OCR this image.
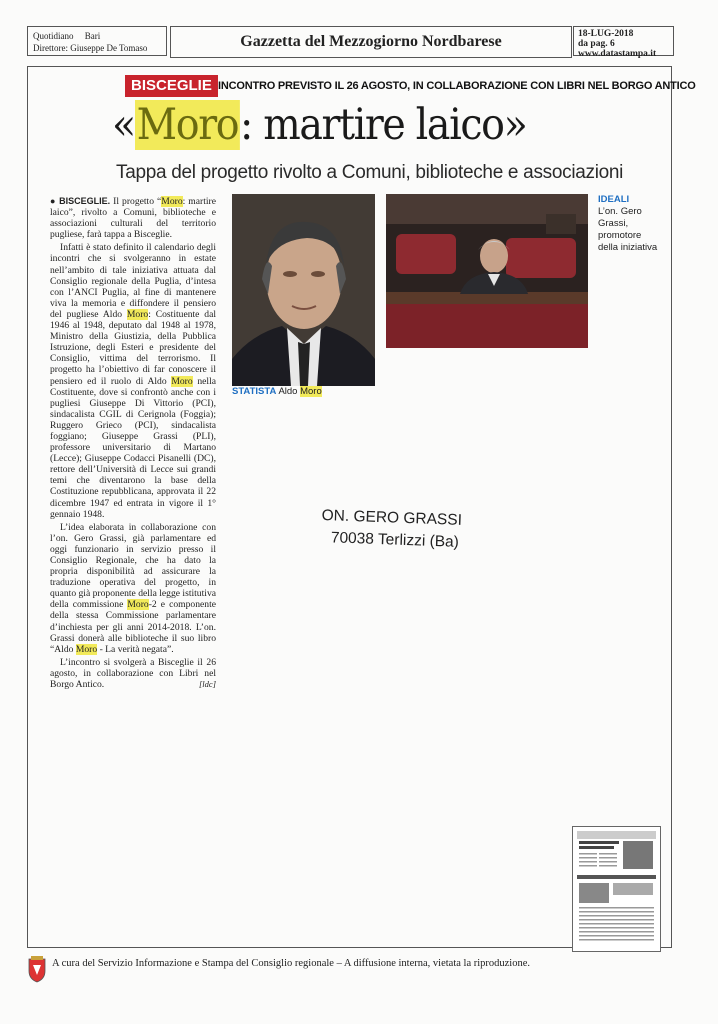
Quotidiano Bari
Direttore: Giuseppe De Tomaso	Gazzetta del Mezzogiorno Nordbarese	18-LUG-2018
da pag. 6
www.datastampa.it
BISCEGLIE INCONTRO PREVISTO IL 26 AGOSTO, IN COLLABORAZIONE CON LIBRI NEL BORGO ANTICO
«Moro: martire laico»
Tappa del progetto rivolto a Comuni, biblioteche e associazioni

● BISCEGLIE. Il progetto “Moro: martire laico”, rivolto a Comuni, biblioteche e associazioni culturali del territorio pugliese, farà tappa a Bisceglie.

Infatti è stato definito il calendario degli incontri che si svolgeranno in estate nell’ambito di tale iniziativa attuata dal Consiglio regionale della Puglia, d’intesa con l’ANCI Puglia, al fine di mantenere viva la memoria e diffondere il pensiero del pugliese Aldo Moro: Costituente dal 1946 al 1948, deputato dal 1948 al 1978, Ministro della Giustizia, della Pubblica Istruzione, degli Esteri e presidente del Consiglio, vittima del terrorismo. Il progetto ha l’obiettivo di far conoscere il pensiero ed il ruolo di Aldo Moro nella Costituente, dove si confrontò anche con i pugliesi Giuseppe Di Vittorio (PCI), sindacalista CGIL di Cerignola (Foggia); Ruggero Grieco (PCI), sindacalista foggiano; Giuseppe Grassi (PLI), professore universitario di Martano (Lecce); Giuseppe Codacci Pisanelli (DC), rettore dell’Università di Lecce sui grandi temi che diventarono la base della Costituzione repubblicana, approvata il 22 dicembre 1947 ed entrata in vigore il 1° gennaio 1948.

L’idea elaborata in collaborazione con l’on. Gero Grassi, già parlamentare ed oggi funzionario in servizio presso il Consiglio Regionale, che ha dato la propria disponibilità ad assicurare la traduzione operativa del progetto, in quanto già proponente della legge istitutiva della commissione Moro-2 e componente della stessa Commissione parlamentare d’inchiesta per gli anni 2014-2018. L’on. Grassi donerà alle biblioteche il suo libro “Aldo Moro - La verità negata”.

L’incontro si svolgerà a Bisceglie il 26 agosto, in collaborazione con Libri nel Borgo Antico.	[ldc]

STATISTA Aldo Moro
IDEALI
L’on. Gero Grassi, promotore della iniziativa
ON. GERO GRASSI
70038 Terlizzi (Ba)
A cura del Servizio Informazione e Stampa del Consiglio regionale – A diffusione interna, vietata la riproduzione.
